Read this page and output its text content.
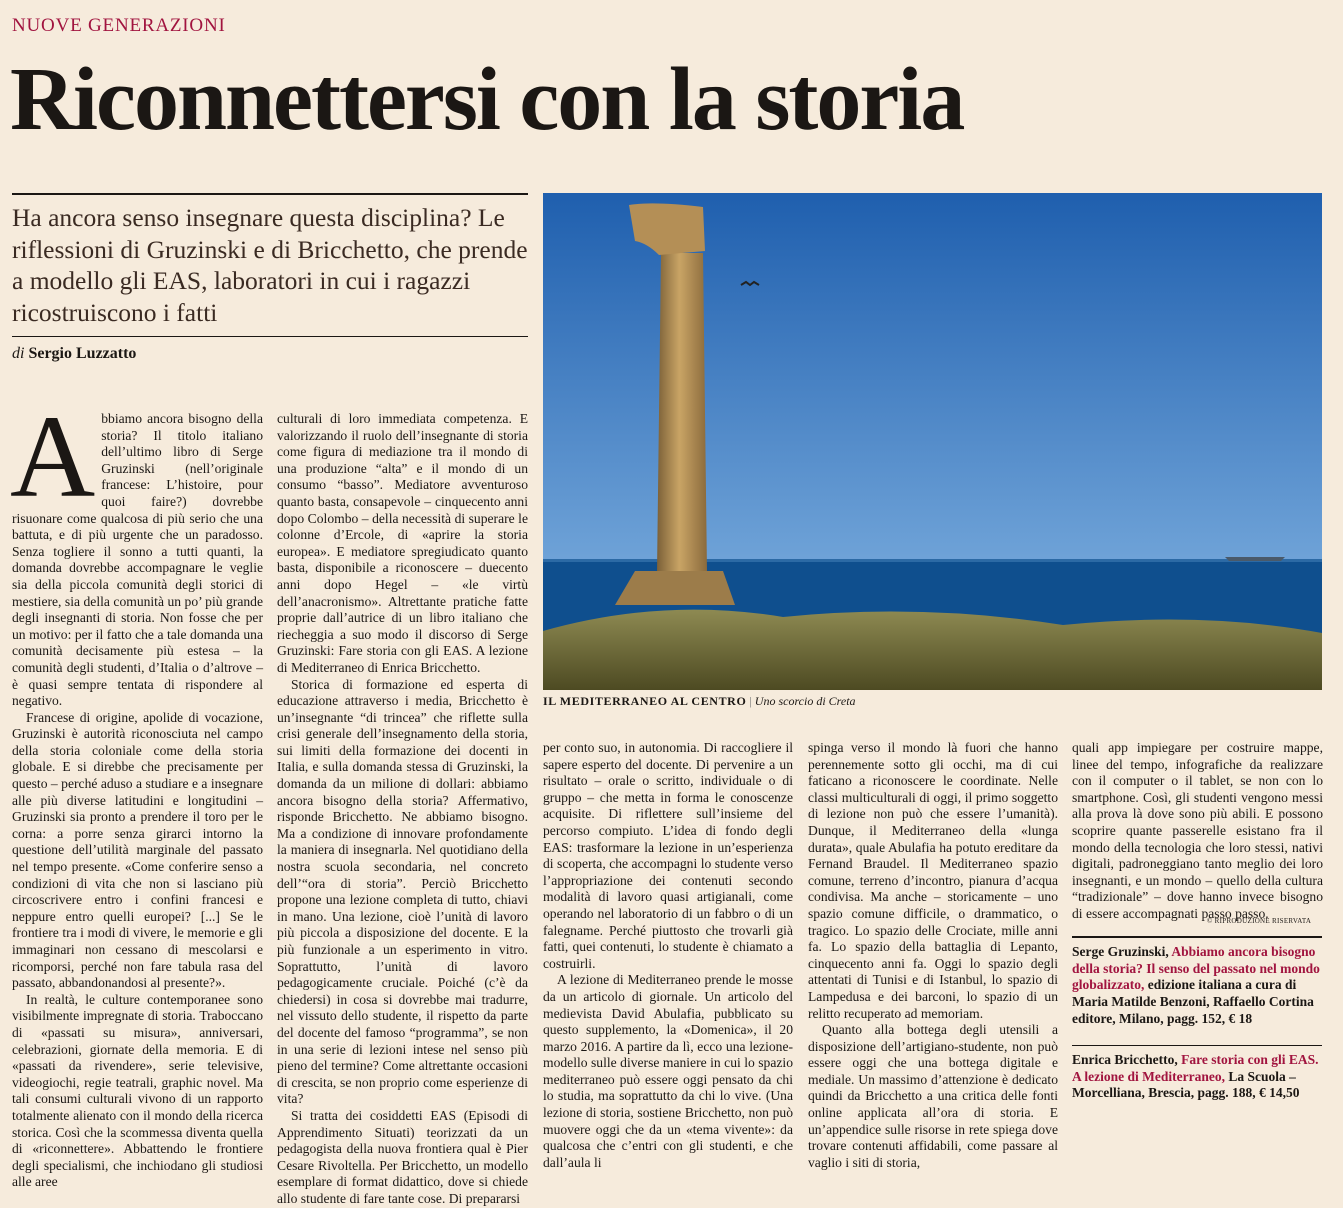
NUOVE GENERAZIONI
Riconnettersi con la storia
Ha ancora senso insegnare questa disciplina? Le riflessioni di Gruzinski e di Bricchetto, che prende a modello gli EAS, laboratori in cui i ragazzi ricostruiscono i fatti
di Sergio Luzzatto

Abbiamo ancora bisogno della storia? Il titolo italiano dell’ultimo libro di Serge Gruzinski (nell’originale francese: L’histoire, pour quoi faire?) dovrebbe risuonare come qualcosa di più serio che una battuta, e di più urgente che un paradosso. Senza togliere il sonno a tutti quanti, la domanda dovrebbe accompagnare le veglie sia della piccola comunità degli storici di mestiere, sia della comunità un po’ più grande degli insegnanti di storia. Non fosse che per un motivo: per il fatto che a tale domanda una comunità decisamente più estesa – la comunità degli studenti, d’Italia o d’altrove – è quasi sempre tentata di rispondere al negativo.

Francese di origine, apolide di vocazione, Gruzinski è autorità riconosciuta nel campo della storia coloniale come della storia globale. E si direbbe che precisamente per questo – perché aduso a studiare e a insegnare alle più diverse latitudini e longitudini – Gruzinski sia pronto a prendere il toro per le corna: a porre senza girarci intorno la questione dell’utilità marginale del passato nel tempo presente. «Come conferire senso a condizioni di vita che non si lasciano più circoscrivere entro i confini francesi e neppure entro quelli europei? [...] Se le frontiere tra i modi di vivere, le memorie e gli immaginari non cessano di mescolarsi e ricomporsi, perché non fare tabula rasa del passato, abbandonandosi al presente?».

In realtà, le culture contemporanee sono visibilmente impregnate di storia. Traboccano di «passati su misura», anniversari, celebrazioni, giornate della memoria. E di «passati da rivendere», serie televisive, videogiochi, regie teatrali, graphic novel. Ma tali consumi culturali vivono di un rapporto totalmente alienato con il mondo della ricerca storica. Così che la scommessa diventa quella di «riconnettere». Abbattendo le frontiere degli specialismi, che inchiodano gli studiosi alle aree

culturali di loro immediata competenza. E valorizzando il ruolo dell’insegnante di storia come figura di mediazione tra il mondo di una produzione “alta” e il mondo di un consumo “basso”. Mediatore avventuroso quanto basta, consapevole – cinquecento anni dopo Colombo – della necessità di superare le colonne d’Ercole, di «aprire la storia europea». E mediatore spregiudicato quanto basta, disponibile a riconoscere – duecento anni dopo Hegel – «le virtù dell’anacronismo». Altrettante pratiche fatte proprie dall’autrice di un libro italiano che riecheggia a suo modo il discorso di Serge Gruzinski: Fare storia con gli EAS. A lezione di Mediterraneo di Enrica Bricchetto.

Storica di formazione ed esperta di educazione attraverso i media, Bricchetto è un’insegnante “di trincea” che riflette sulla crisi generale dell’insegnamento della storia, sui limiti della formazione dei docenti in Italia, e sulla domanda stessa di Gruzinski, la domanda da un milione di dollari: abbiamo ancora bisogno della storia? Affermativo, risponde Bricchetto. Ne abbiamo bisogno. Ma a condizione di innovare profondamente la maniera di insegnarla. Nel quotidiano della nostra scuola secondaria, nel concreto dell’“ora di storia”. Perciò Bricchetto propone una lezione completa di tutto, chiavi in mano. Una lezione, cioè l’unità di lavoro più piccola a disposizione del docente. E la più funzionale a un esperimento in vitro. Soprattutto, l’unità di lavoro pedagogicamente cruciale. Poiché (c’è da chiedersi) in cosa si dovrebbe mai tradurre, nel vissuto dello studente, il rispetto da parte del docente del famoso “programma”, se non in una serie di lezioni intese nel senso più pieno del termine? Come altrettante occasioni di crescita, se non proprio come esperienze di vita?

Si tratta dei cosiddetti EAS (Episodi di Apprendimento Situati) teorizzati da un pedagogista della nuova frontiera qual è Pier Cesare Rivoltella. Per Bricchetto, un modello esemplare di format didattico, dove si chiede allo studente di fare tante cose. Di prepararsi

IL MEDITERRANEO AL CENTRO | Uno scorcio di Creta

per conto suo, in autonomia. Di raccogliere il sapere esperto del docente. Di pervenire a un risultato – orale o scritto, individuale o di gruppo – che metta in forma le conoscenze acquisite. Di riflettere sull’insieme del percorso compiuto. L’idea di fondo degli EAS: trasformare la lezione in un’esperienza di scoperta, che accompagni lo studente verso l’appropriazione dei contenuti secondo modalità di lavoro quasi artigianali, come operando nel laboratorio di un fabbro o di un falegname. Perché piuttosto che trovarli già fatti, quei contenuti, lo studente è chiamato a costruirli.

A lezione di Mediterraneo prende le mosse da un articolo di giornale. Un articolo del medievista David Abulafia, pubblicato su questo supplemento, la «Domenica», il 20 marzo 2016. A partire da lì, ecco una lezione-modello sulle diverse maniere in cui lo spazio mediterraneo può essere oggi pensato da chi lo studia, ma soprattutto da chi lo vive. (Una lezione di storia, sostiene Bricchetto, non può muovere oggi che da un «tema vivente»: da qualcosa che c’entri con gli studenti, e che dall’aula li

spinga verso il mondo là fuori che hanno perennemente sotto gli occhi, ma di cui faticano a riconoscere le coordinate. Nelle classi multiculturali di oggi, il primo soggetto di lezione non può che essere l’umanità). Dunque, il Mediterraneo della «lunga durata», quale Abulafia ha potuto ereditare da Fernand Braudel. Il Mediterraneo spazio comune, terreno d’incontro, pianura d’acqua condivisa. Ma anche – storicamente – uno spazio comune difficile, o drammatico, o tragico. Lo spazio delle Crociate, mille anni fa. Lo spazio della battaglia di Lepanto, cinquecento anni fa. Oggi lo spazio degli attentati di Tunisi e di Istanbul, lo spazio di Lampedusa e dei barconi, lo spazio di un relitto recuperato ad memoriam.

Quanto alla bottega degli utensili a disposizione dell’artigiano-studente, non può essere oggi che una bottega digitale e mediale. Un massimo d’attenzione è dedicato quindi da Bricchetto a una critica delle fonti online applicata all’ora di storia. E un’appendice sulle risorse in rete spiega dove trovare contenuti affidabili, come passare al vaglio i siti di storia,

quali app impiegare per costruire mappe, linee del tempo, infografiche da realizzare con il computer o il tablet, se non con lo smartphone. Così, gli studenti vengono messi alla prova là dove sono più abili. E possono scoprire quante passerelle esistano fra il mondo della tecnologia che loro stessi, nativi digitali, padroneggiano tanto meglio dei loro insegnanti, e un mondo – quello della cultura “tradizionale” – dove hanno invece bisogno di essere accompagnati passo passo.

© RIPRODUZIONE RISERVATA
Serge Gruzinski, Abbiamo ancora bisogno della storia? Il senso del passato nel mondo globalizzato, edizione italiana a cura di Maria Matilde Benzoni, Raffaello Cortina editore, Milano, pagg. 152, € 18
Enrica Bricchetto, Fare storia con gli EAS. A lezione di Mediterraneo, La Scuola – Morcelliana, Brescia, pagg. 188, € 14,50
